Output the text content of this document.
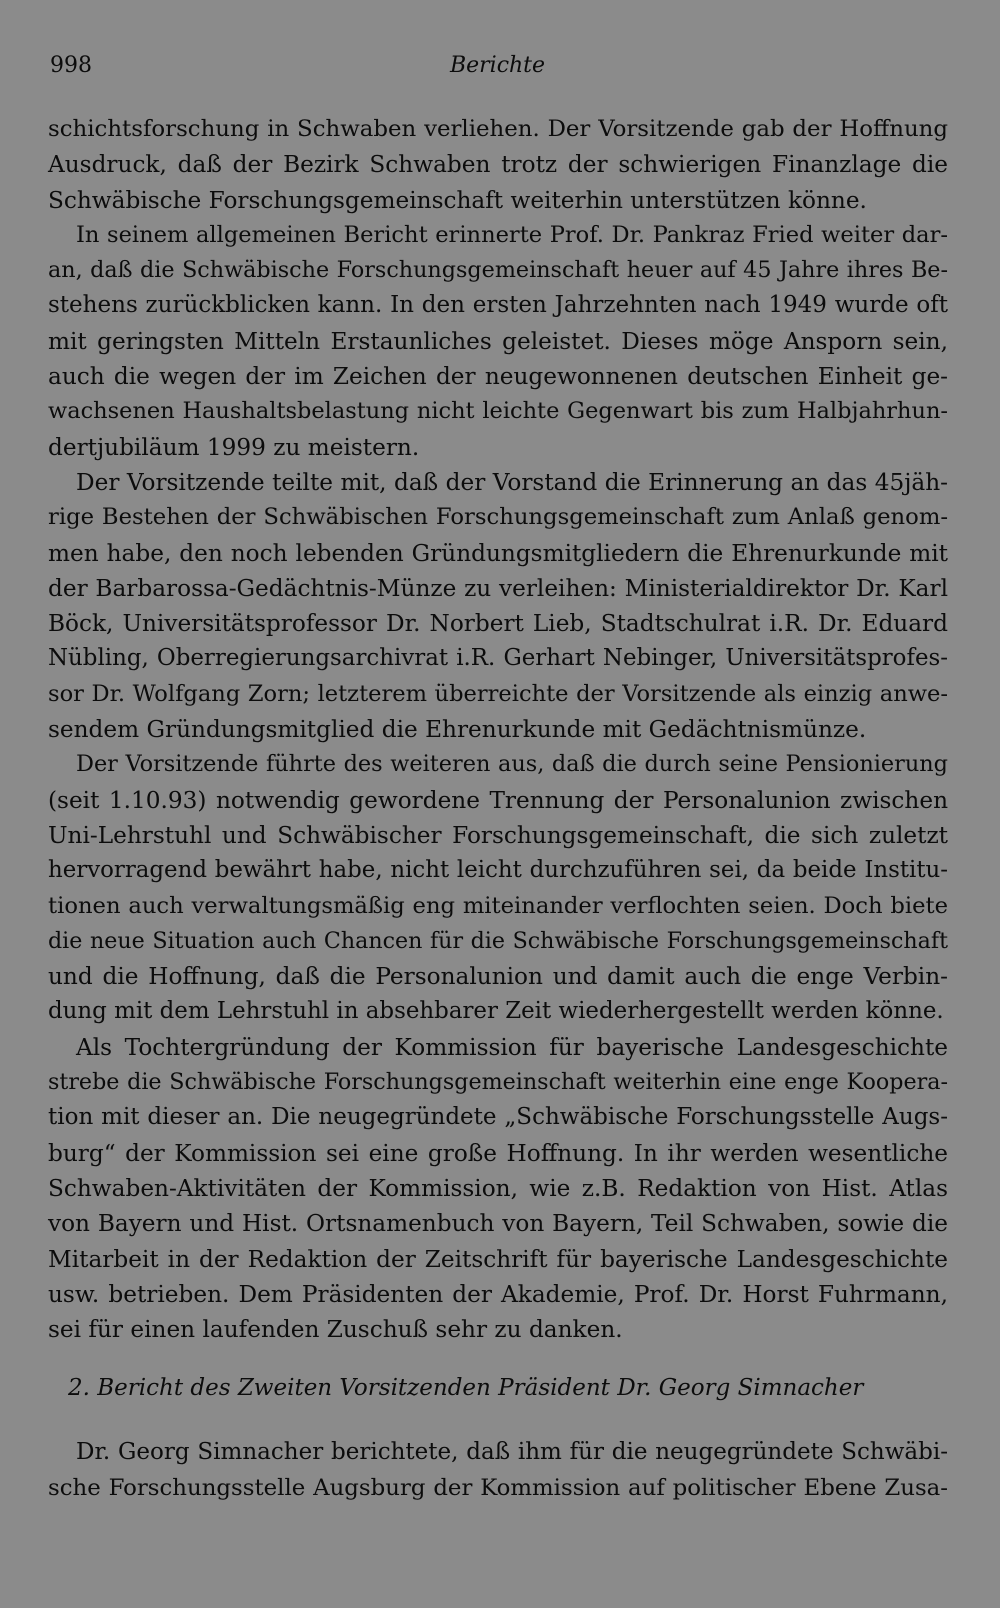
998	Berichte
schichtsforschung in Schwaben verliehen. Der Vorsitzende gab der Hoffnung
Ausdruck, daß der Bezirk Schwaben trotz der schwierigen Finanzlage die
Schwäbische Forschungsgemeinschaft weiterhin unterstützen könne.
In seinem allgemeinen Bericht erinnerte Prof. Dr. Pankraz Fried weiter dar-
an, daß die Schwäbische Forschungsgemeinschaft heuer auf 45 Jahre ihres Be-
stehens zurückblicken kann. In den ersten Jahrzehnten nach 1949 wurde oft
mit geringsten Mitteln Erstaunliches geleistet. Dieses möge Ansporn sein,
auch die wegen der im Zeichen der neugewonnenen deutschen Einheit ge-
wachsenen Haushaltsbelastung nicht leichte Gegenwart bis zum Halbjahrhun-
dertjubiläum 1999 zu meistern.
Der Vorsitzende teilte mit, daß der Vorstand die Erinnerung an das 45jäh-
rige Bestehen der Schwäbischen Forschungsgemeinschaft zum Anlaß genom-
men habe, den noch lebenden Gründungsmitgliedern die Ehrenurkunde mit
der Barbarossa-Gedächtnis-Münze zu verleihen: Ministerialdirektor Dr. Karl
Böck, Universitätsprofessor Dr. Norbert Lieb, Stadtschulrat i.R. Dr. Eduard
Nübling, Oberregierungsarchivrat i.R. Gerhart Nebinger, Universitätsprofes-
sor Dr. Wolfgang Zorn; letzterem überreichte der Vorsitzende als einzig anwe-
sendem Gründungsmitglied die Ehrenurkunde mit Gedächtnismünze.
Der Vorsitzende führte des weiteren aus, daß die durch seine Pensionierung
(seit 1.10.93) notwendig gewordene Trennung der Personalunion zwischen
Uni-Lehrstuhl und Schwäbischer Forschungsgemeinschaft, die sich zuletzt
hervorragend bewährt habe, nicht leicht durchzuführen sei, da beide Institu-
tionen auch verwaltungsmäßig eng miteinander verflochten seien. Doch biete
die neue Situation auch Chancen für die Schwäbische Forschungsgemeinschaft
und die Hoffnung, daß die Personalunion und damit auch die enge Verbin-
dung mit dem Lehrstuhl in absehbarer Zeit wiederhergestellt werden könne.
Als Tochtergründung der Kommission für bayerische Landesgeschichte
strebe die Schwäbische Forschungsgemeinschaft weiterhin eine enge Koopera-
tion mit dieser an. Die neugegründete „Schwäbische Forschungsstelle Augs-
burg“ der Kommission sei eine große Hoffnung. In ihr werden wesentliche
Schwaben-Aktivitäten der Kommission, wie z.B. Redaktion von Hist. Atlas
von Bayern und Hist. Ortsnamenbuch von Bayern, Teil Schwaben, sowie die
Mitarbeit in der Redaktion der Zeitschrift für bayerische Landesgeschichte
usw. betrieben. Dem Präsidenten der Akademie, Prof. Dr. Horst Fuhrmann,
sei für einen laufenden Zuschuß sehr zu danken.
2. Bericht des Zweiten Vorsitzenden Präsident Dr. Georg Simnacher
Dr. Georg Simnacher berichtete, daß ihm für die neugegründete Schwäbi-
sche Forschungsstelle Augsburg der Kommission auf politischer Ebene Zusa-
